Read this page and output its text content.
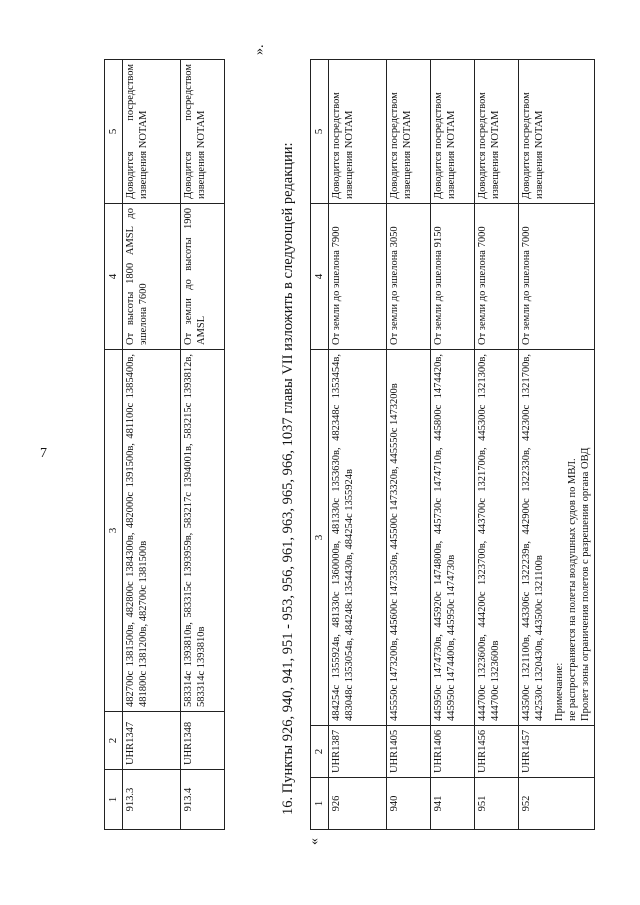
7
1	2	3	4	5
913.3	UHR1347	482700с 1381500в, 482800с 1384300в, 482000с 1391500в, 481100с 1385400в, 481800с 1381200в, 482700с 1381500в	От высоты 1800 AMSL до эшелона 7600	Доводится посредством извещения NOTAM
913.4	UHR1348	583314с 1393810в, 583315с 1393959в, 583217с 1394001в, 583215с 1393812в, 583314с 1393810в	От земли до высоты 1900 AMSL	Доводится посредством извещения NOTAM
».
16. Пункты 926, 940, 941, 951 - 953, 956, 961, 963, 965, 966, 1037 главы VII изложить в следующей редакции:
«
1	2	3	4	5
926	UHR1387	484254с 1355924в, 481330с 1360000в, 481330с 1353630в, 482348с 1353454в, 483048с 1353054в, 484248с 1354430в, 484254с 1355924в	От земли до эшелона 7900	Доводится посредством извещения NOTAM
940	UHR1405	445550с 1473200в, 445600с 1473350в, 445500с 1473320в, 445550с 1473200в	От земли до эшелона 3050	Доводится посредством извещения NOTAM
941	UHR1406	445950с 1474730в, 445920с 1474800в, 445730с 1474710в, 445800с 1474420в, 445950с 1474400в, 445950с 1474730в	От земли до эшелона 9150	Доводится посредством извещения NOTAM
951	UHR1456	444700с 1323600в, 444200с 1323700в, 443700с 1321700в, 445300с 1321300в, 444700с 1323600в	От земли до эшелона 7000	Доводится посредством извещения NOTAM
952	UHR1457	443500с 1321100в, 443306с 1322239в, 442900с 1322330в, 442300с 1321700в, 442530с 1320430в, 443500с 1321100в Примечание: не распространяется на полеты воздушных судов по МВЛ. Пролет зоны ограничения полетов с разрешения органа ОВД	От земли до эшелона 7000	Доводится посредством извещения NOTAM
